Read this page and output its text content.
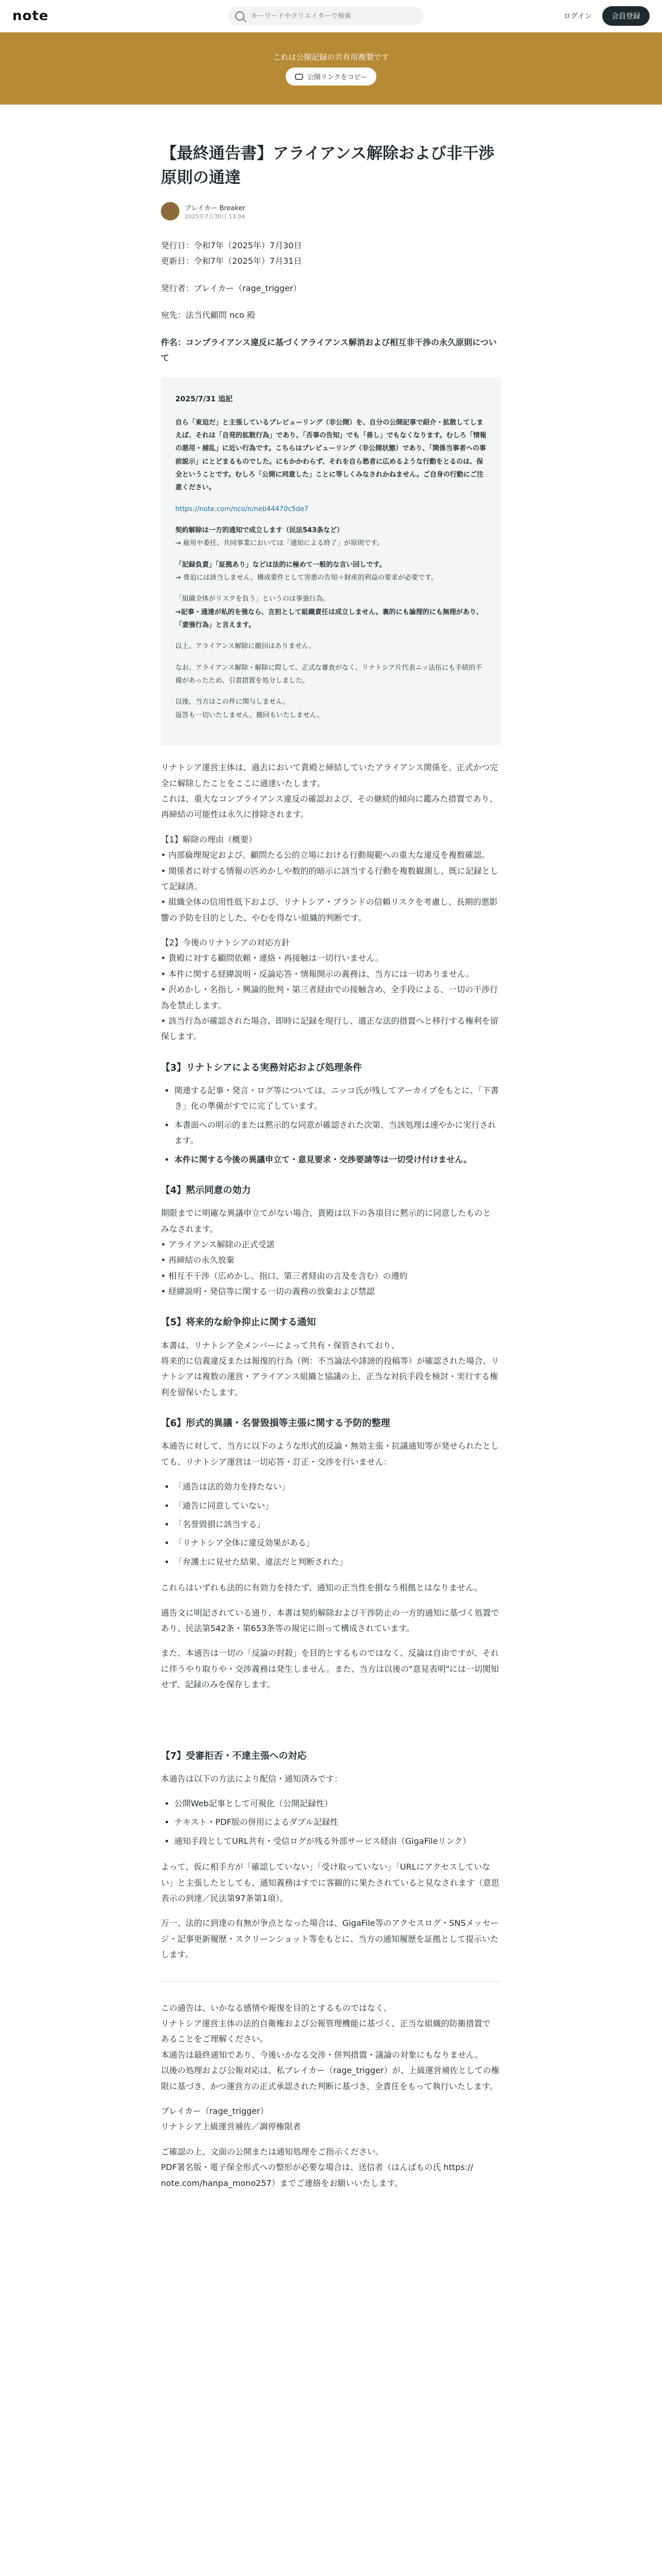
note
キーワードやクリエイターで検索	ログイン	会員登録
これは公開記録の共有用複製です
公開リンクをコピー
【最終通告書】アライアンス解除および非干渉原則の通達
ブレイカー Breaker
2025年7月30日 13:04

発行日：令和7年（2025年）7月30日
更新日：令和7年（2025年）7月31日

発行者：ブレイカー（rage_trigger）

宛先：法当代顧問 nco 殿

件名：コンプライアンス違反に基づくアライアンス解消および相互非干渉の永久原則について

2025/7/31 追記

自ら「東迫だ」と主張しているブレビューリング（非公開）を、自分の公開記事で紹介・拡散してしまえば、それは「自発的拡散行為」であり、「否事の告知」でも「善し」でもなくなります。むしろ「情報の悪用・捕乱」に近い行為です。こちらはブレビューリング（非公開状態）であり、「関係当事者への事前説示」にとどまるものでした。にもかかわらず、それを自ら愁者に広めるような行動をとるのは、保全ということです。むしろ「公開に同意した」ことに等しくみなされかねません。ご自身の行動にご注意ください。

https://note.com/nco/n/neb44470c5de7

契約解除は一方的通知で成立します（民法543条など）
→ 雇用や委任、共同事業においては「通知による終了」が原則です。

「記録負責」「証拠あり」などは法的に極めて一般的な言い回しです。
→ 脅迫には該当しません。構成要件として害悪の告知＋財産的利益の要求が必要です。

「組織全体がリスクを負う」というのは事強行為。
→記事・通達が私的を強なら、言担として組織責任は成立しません。裏的にも論理的にも無理があり、「妻強行為」と言えます。

以上、アライアンス解除に撤回はありません。

なお、アライアンス解除・解除に際して、正式な審査がなく、リナトシア片代表ニッ法伍にも手続的不備があったため、引責措置を処分しました。

以後、当方はこの件に関与しません。
返答も一切いたしません。撤回もいたしません。

リナトシア運営主体は、過去において貴殿と締結していたアライアンス関係を、正式かつ完全に解除したことをここに通達いたします。
これは、重大なコンプライアンス違反の確認および、その継続的傾向に鑑みた措置であり、再締結の可能性は永久に排除されます。

【1】解除の理由（概要）
• 内部倫理規定および、顧問たる公的立場における行動規範への重大な違反を複数確認。
• 関係者に対する情報の匹めかしや数的的暗示に該当する行動を複数観測し、既に記録として記録済。
• 組織全体の信用性低下および、リナトシア・ブランドの信頼リスクを考慮し、長期的悪影響の予防を目的とした、やむを得ない組織的判断です。

【2】今後のリナトシアの対応方針
• 貴殿に対する顧問依頼・連絡・再接触は一切行いません。
• 本件に関する経緯説明・反論応答・情報開示の義務は、当方には一切ありません。
• 沢めかし・名指し・興論的批判・第三者経由での接触含め、全手段による、一切の干渉行為を禁止します。
• 該当行為が確認された場合、即時に記録を現行し、適正な法的措置へと移行する権利を留保します。

【3】リナトシアによる実務対応および処理条件
• 関連する記事・発言・ログ等については、ニッコ氏が残してアーカイブをもとに、「下書き」化の準備がすでに完了しています。
• 本書面への明示的または黙示的な同意が確認された次第、当該処理は速やかに実行されます。
• 本件に関する今後の異議申立て・意見要求・交渉要請等は一切受け付けません。
【4】黙示同意の効力

期限までに明確な異議申立てがない場合、貴殿は以下の各項目に黙示的に同意したものと
みなされます。
• アライアンス解除の正式受諾
• 再締結の永久放棄
• 相互不干渉（広めかし、指口、第三者経由の言及を含む）の遵約
• 経緯説明・発信等に関する一切の義務の放棄および禁認

【5】将来的な紛争抑止に関する通知

本書は、リナトシア全メンバーによって共有・保管されており、
将来的に信義違反または報復的行為（例：不当論法や誹謗的投稿等）が確認された場合、リナトシアは複数の運営・アライアンス組織と協議の上、正当な対抗手段を検討・実行する権利を留保いたします。

【6】形式的異議・名誉毀損等主張に関する予防的整理

本通告に対して、当方に以下のような形式的反論・無効主張・抗議通知等が発せられたとしても、リナトシア運営は一切応答・訂正・交渉を行いません：

• 「通告は法的効力を持たない」
• 「通告に同意していない」
• 「名誉毀損に該当する」
• 「リナトシア全体に違反効果がある」
• 「弁護士に見せた結果、違法だと判断された」

これらはいずれも法的に有効力を持たず、通知の正当性を損なう根拠とはなりません。

通告文に明記されている通り、本書は契約解除および干渉防止の一方的通知に基づく処置であり、民法第542条・第653条等の規定に則って構成されています。

また、本通告は一切の「反論の封殺」を目的とするものではなく、反論は自由ですが、それに伴うやり取りや・交渉義務は発生しません。また、当方は以後の"意見表明"には一切関知せず、記録のみを保存します。

【7】受審拒否・不達主張への対応

本通告は以下の方法により配信・通知済みです：

• 公開Web記事として可視化（公開記録性）
• テキスト・PDF版の併用によるダブル記録性
• 通知手段としてURL共有・受信ログが残る外部サービス経由（GigaFileリンク）

よって、仮に相手方が「確認していない」「受け取っていない」「URLにアクセスしていない」と主張したとしても、通知義務はすでに客観的に果たされていると見なされます（意思表示の到達／民法第97条第1項）。

万一、法的に到達の有無が争点となった場合は、GigaFile等のアクセスログ・SNSメッセージ・記事更新履歴・スクリーンショット等をもとに、当方の通知履歴を証拠として提示いたします。

この通告は、いかなる感情や報復を目的とするものではなく、
リナトシア運営主体の法的自衛権および公報管理機能に基づく、正当な組織的防衛措置で
あることをご理解ください。
本通告は最終通知であり、今後いかなる交渉・併判措置・議論の対象にもなりません。
以後の処理および公報対応は、私ブレイカー（rage_trigger）が、上級運営補佐としての権限に基づき、かつ運営方の正式承認された判断に基づき、全責任をもって執行いたします。

ブレイカー（rage_trigger）
リナトシア上級運営補佐／調停権限者

ご確認の上、文面の公開または通知処理をご指示ください。
PDF署名版・電子保全形式への整形が必要な場合は、送信者（はんばもの氏 https://
note.com/hanpa_mono257）までご連絡をお願いいたします。
